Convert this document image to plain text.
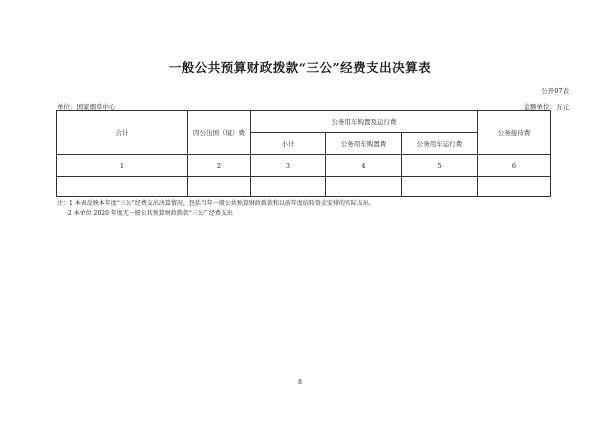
一般公共预算财政拨款“三公”经费支出决算表
公开07表
单位：国家烟草中心	金额单位：万元
合计	因公出国（境）费	公务用车购置及运行费			公务接待费
		小计	公务用车购置费	公务用车运行费	
1	2	3	4	5	6

注：1 本表反映本年度“三公”经费支出决算情况，包括当年一般公共预算财政拨款和以前年度结转资金安排的实际支出。
2 本单位 2020 年度无一般公共预算财政拨款“三公” 经费支出
8
